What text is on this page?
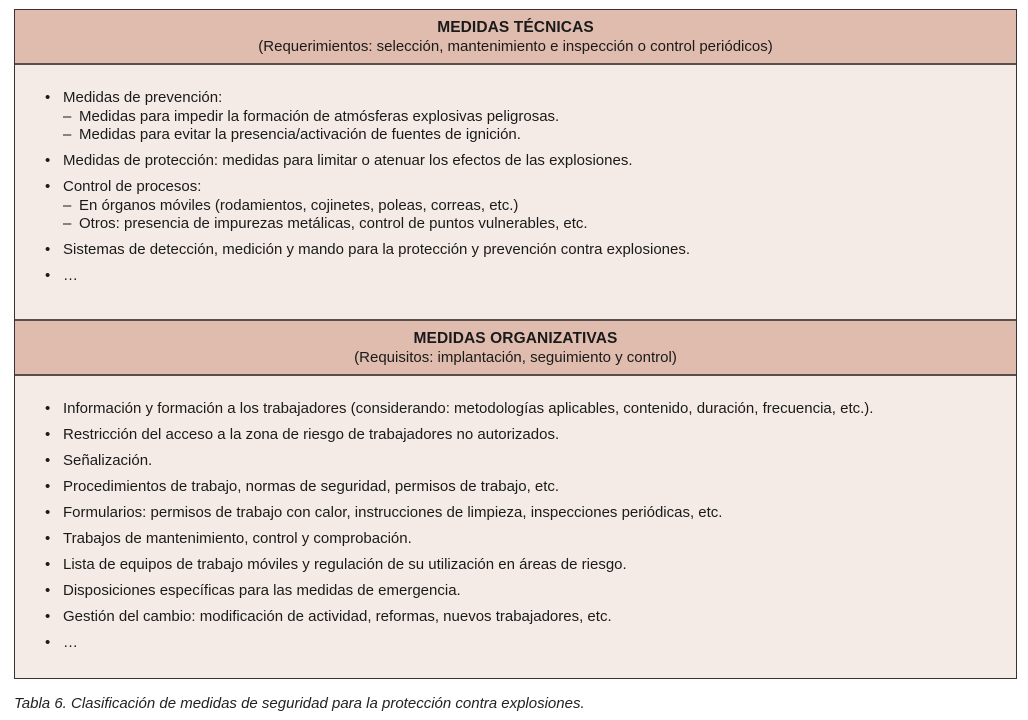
MEDIDAS TÉCNICAS
(Requerimientos: selección, mantenimiento e inspección o control periódicos)
• Medidas de prevención:
– Medidas para impedir la formación de atmósferas explosivas peligrosas.
– Medidas para evitar la presencia/activación de fuentes de ignición.
• Medidas de protección: medidas para limitar o atenuar los efectos de las explosiones.
• Control de procesos:
– En órganos móviles (rodamientos, cojinetes, poleas, correas, etc.)
– Otros: presencia de impurezas metálicas, control de puntos vulnerables, etc.
• Sistemas de detección, medición y mando para la protección y prevención contra explosiones.
• …
MEDIDAS ORGANIZATIVAS
(Requisitos: implantación, seguimiento y control)
• Información y formación a los trabajadores (considerando: metodologías aplicables, contenido, duración, frecuencia, etc.).
• Restricción del acceso a la zona de riesgo de trabajadores no autorizados.
• Señalización.
• Procedimientos de trabajo, normas de seguridad, permisos de trabajo, etc.
• Formularios: permisos de trabajo con calor, instrucciones de limpieza, inspecciones periódicas, etc.
• Trabajos de mantenimiento, control y comprobación.
• Lista de equipos de trabajo móviles y regulación de su utilización en áreas de riesgo.
• Disposiciones específicas para las medidas de emergencia.
• Gestión del cambio: modificación de actividad, reformas, nuevos trabajadores, etc.
• …
Tabla 6. Clasificación de medidas de seguridad para la protección contra explosiones.
